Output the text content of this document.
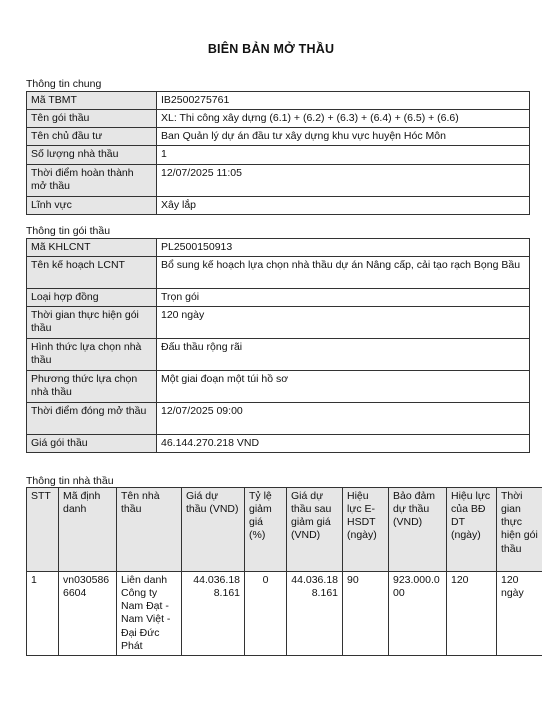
BIÊN BẢN MỞ THẦU
Thông tin chung
Mã TBMT	IB2500275761
Tên gói thầu	XL: Thi công xây dựng (6.1) + (6.2) + (6.3) + (6.4) + (6.5) + (6.6)
Tên chủ đầu tư	Ban Quản lý dự án đầu tư xây dựng khu vực huyện Hóc Môn
Số lượng nhà thầu	1
Thời điểm hoàn thành mở thầu	12/07/2025 11:05
Lĩnh vực	Xây lắp
Thông tin gói thầu
Mã KHLCNT	PL2500150913
Tên kế hoạch LCNT	Bổ sung kế hoạch lựa chọn nhà thầu dự án Nâng cấp, cải tạo rạch Bọng Bầu
Loại hợp đồng	Trọn gói
Thời gian thực hiện gói thầu	120 ngày
Hình thức lựa chọn nhà thầu	Đấu thầu rộng rãi
Phương thức lựa chọn nhà thầu	Một giai đoạn một túi hồ sơ
Thời điểm đóng mở thầu	12/07/2025 09:00
Giá gói thầu	46.144.270.218 VND
Thông tin nhà thầu
STT	Mã định danh	Tên nhà thầu	Giá dự thầu (VND)	Tỷ lệ giảm giá (%)	Giá dự thầu sau giảm giá (VND)	Hiệu lực E-HSDT (ngày)	Bảo đảm dự thầu (VND)	Hiệu lực của BĐ DT (ngày)	Thời gian thực hiện gói thầu
1	vn0305866604	Liên danh Công ty Nam Đạt - Nam Việt - Đại Đức Phát	44.036.188.161	0	44.036.188.161	90	923.000.000	120	120 ngày
